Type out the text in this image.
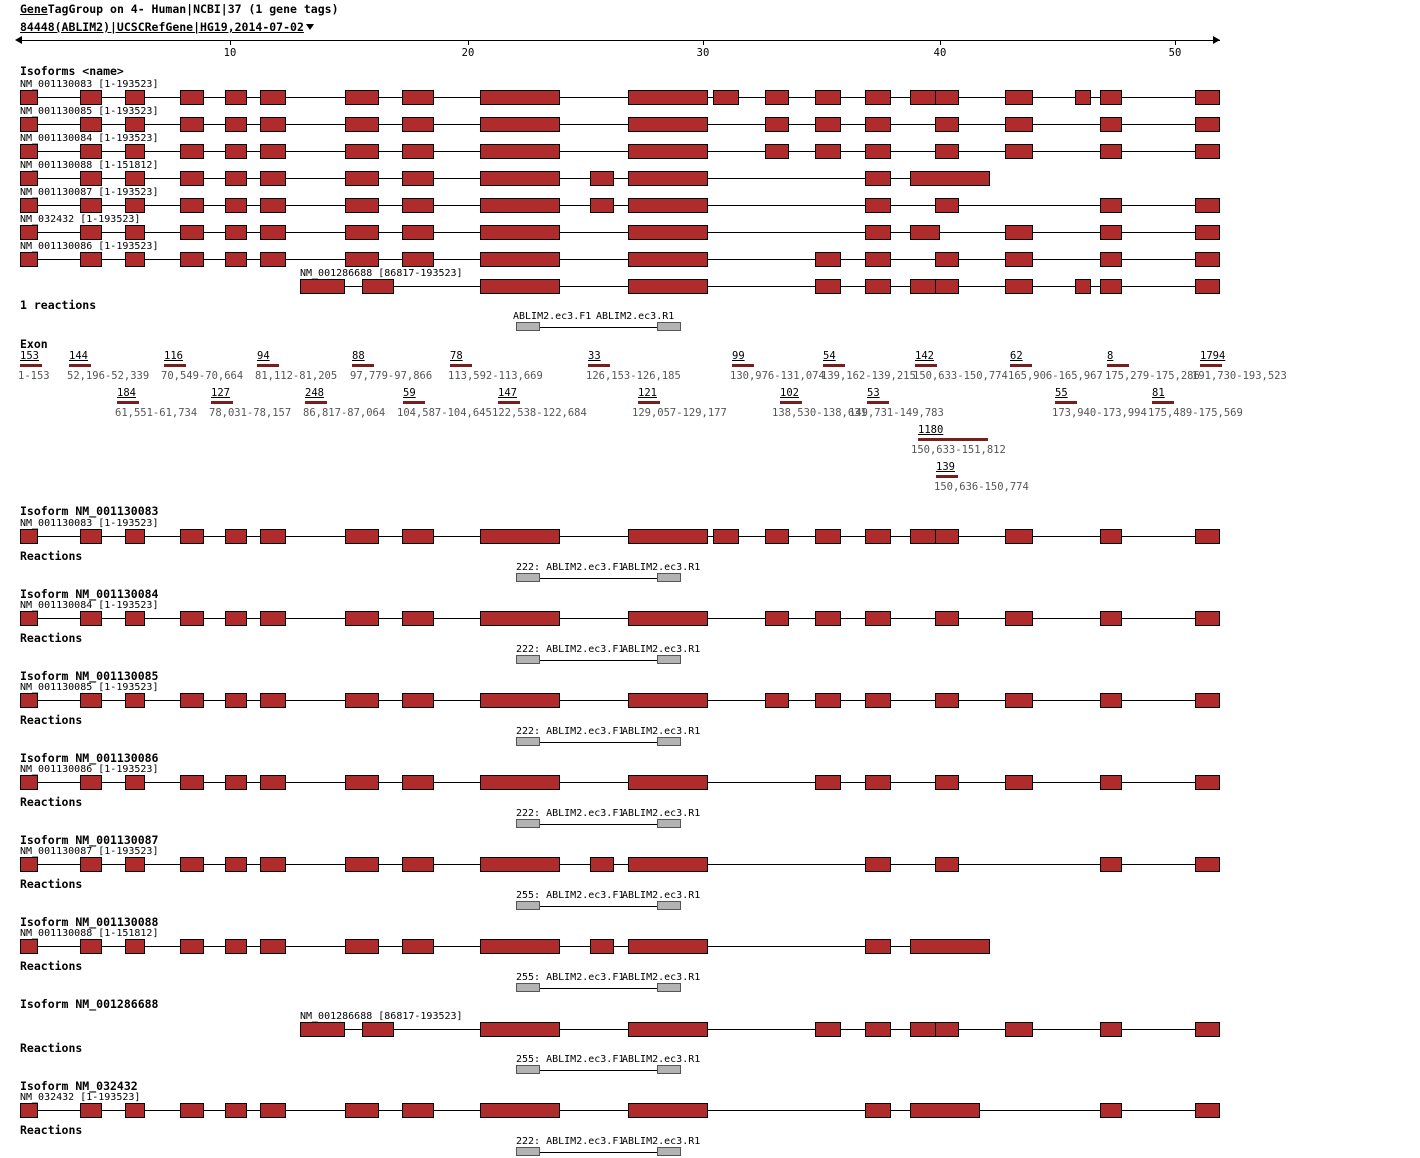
GeneTagGroup on 4- Human|NCBI|37 (1 gene tags)
84448(ABLIM2)|UCSCRefGene|HG19,2014-07-02
10	20	30	40	50
Isoforms <name>
NM_001130083 [1-193523]
NM_001130085 [1-193523]
NM_001130084 [1-193523]
NM_001130088 [1-151812]
NM_001130087 [1-193523]
NM_032432 [1-193523]
NM_001130086 [1-193523]
NM_001286688 [86817-193523]
1 reactions
ABLIM2.ec3.F1 ABLIM2.ec3.R1
Exon
153
1-153
144
52,196-52,339
116
70,549-70,664
94
81,112-81,205
88
97,779-97,866
78
113,592-113,669
33
126,153-126,185
99
130,976-131,074
54
139,162-139,215
142
150,633-150,774
62
165,906-165,967
8
175,279-175,286
1794
191,730-193,523
184
61,551-61,734
127
78,031-78,157
248
86,817-87,064
59
104,587-104,645
147
122,538-122,684
121
129,057-129,177
102
138,530-138,631
53
149,731-149,783
55
173,940-173,994
81
175,489-175,569
1180
150,633-151,812
139
150,636-150,774
Isoform NM_001130083
NM_001130083 [1-193523]
Reactions
222: ABLIM2.ec3.F1
ABLIM2.ec3.R1
Isoform NM_001130084
NM_001130084 [1-193523]
Reactions
222: ABLIM2.ec3.F1
ABLIM2.ec3.R1
Isoform NM_001130085
NM_001130085 [1-193523]
Reactions
222: ABLIM2.ec3.F1
ABLIM2.ec3.R1
Isoform NM_001130086
NM_001130086 [1-193523]
Reactions
222: ABLIM2.ec3.F1
ABLIM2.ec3.R1
Isoform NM_001130087
NM_001130087 [1-193523]
Reactions
255: ABLIM2.ec3.F1
ABLIM2.ec3.R1
Isoform NM_001130088
NM_001130088 [1-151812]
Reactions
255: ABLIM2.ec3.F1
ABLIM2.ec3.R1
Isoform NM_001286688
NM_001286688 [86817-193523]
Reactions
255: ABLIM2.ec3.F1
ABLIM2.ec3.R1
Isoform NM_032432
NM_032432 [1-193523]
Reactions
222: ABLIM2.ec3.F1
ABLIM2.ec3.R1
